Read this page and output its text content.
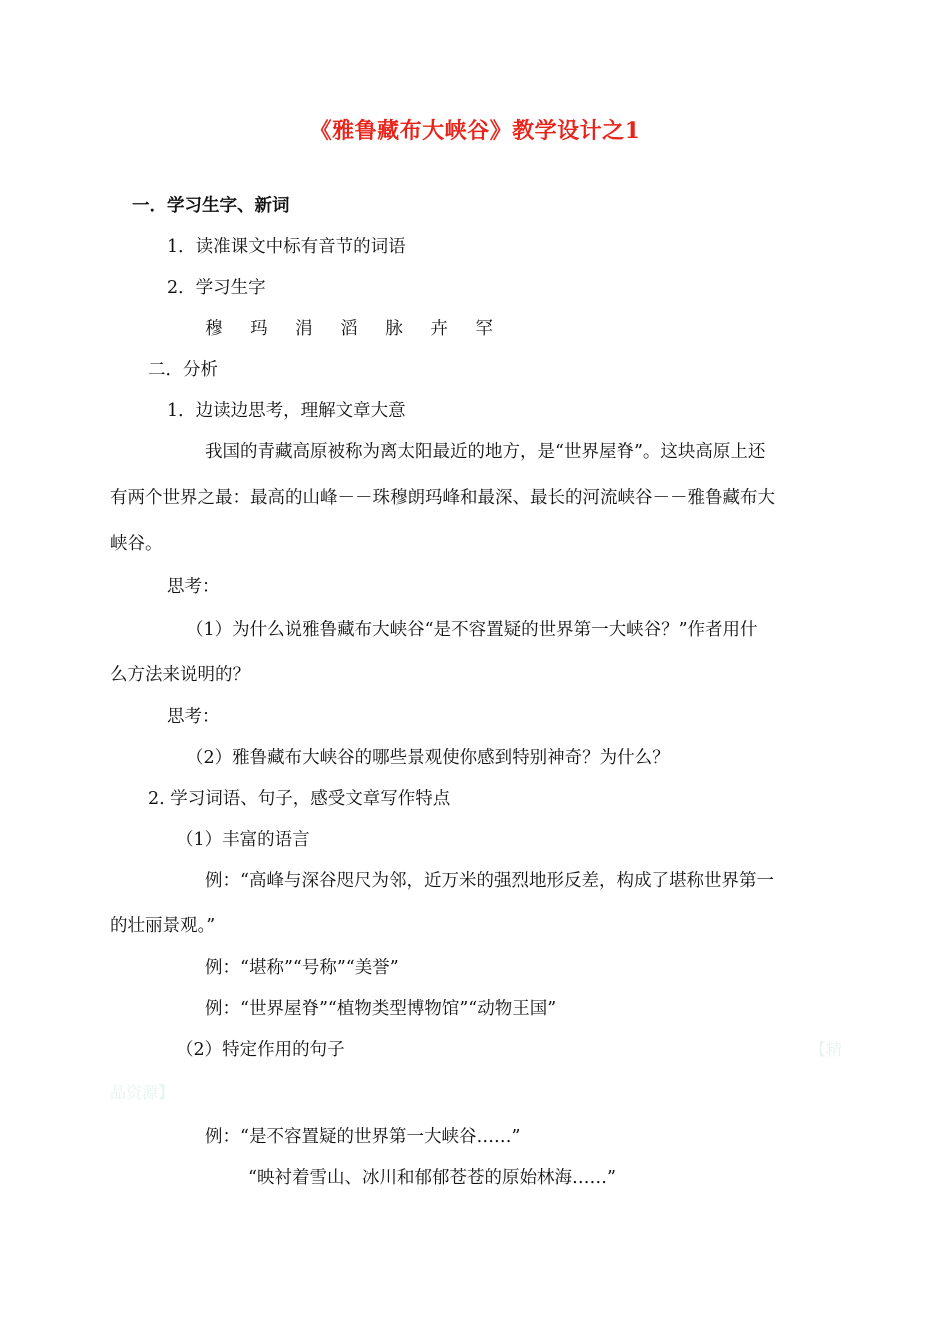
《雅鲁藏布大峡谷》教学设计之1
一．学习生字、新词
1．读准课文中标有音节的词语
2．学习生字
穆 玛 涓 滔 脉 卉 罕
二．分析
1．边读边思考，理解文章大意
我国的青藏高原被称为离太阳最近的地方，是“世界屋脊”。这块高原上还
有两个世界之最：最高的山峰－－珠穆朗玛峰和最深、最长的河流峡谷－－雅鲁藏布大
峡谷。
思考：
（1）为什么说雅鲁藏布大峡谷“是不容置疑的世界第一大峡谷？”作者用什
么方法来说明的？
思考：
（2）雅鲁藏布大峡谷的哪些景观使你感到特别神奇？为什么？
2. 学习词语、句子，感受文章写作特点
（1）丰富的语言
例：“高峰与深谷咫尺为邻，近万米的强烈地形反差，构成了堪称世界第一
的壮丽景观。”
例：“堪称”“号称”“美誉”
例：“世界屋脊”“植物类型博物馆”“动物王国”
（2）特定作用的句子	【精
品资源】
例：“是不容置疑的世界第一大峡谷……”
“映衬着雪山、冰川和郁郁苍苍的原始林海……”
